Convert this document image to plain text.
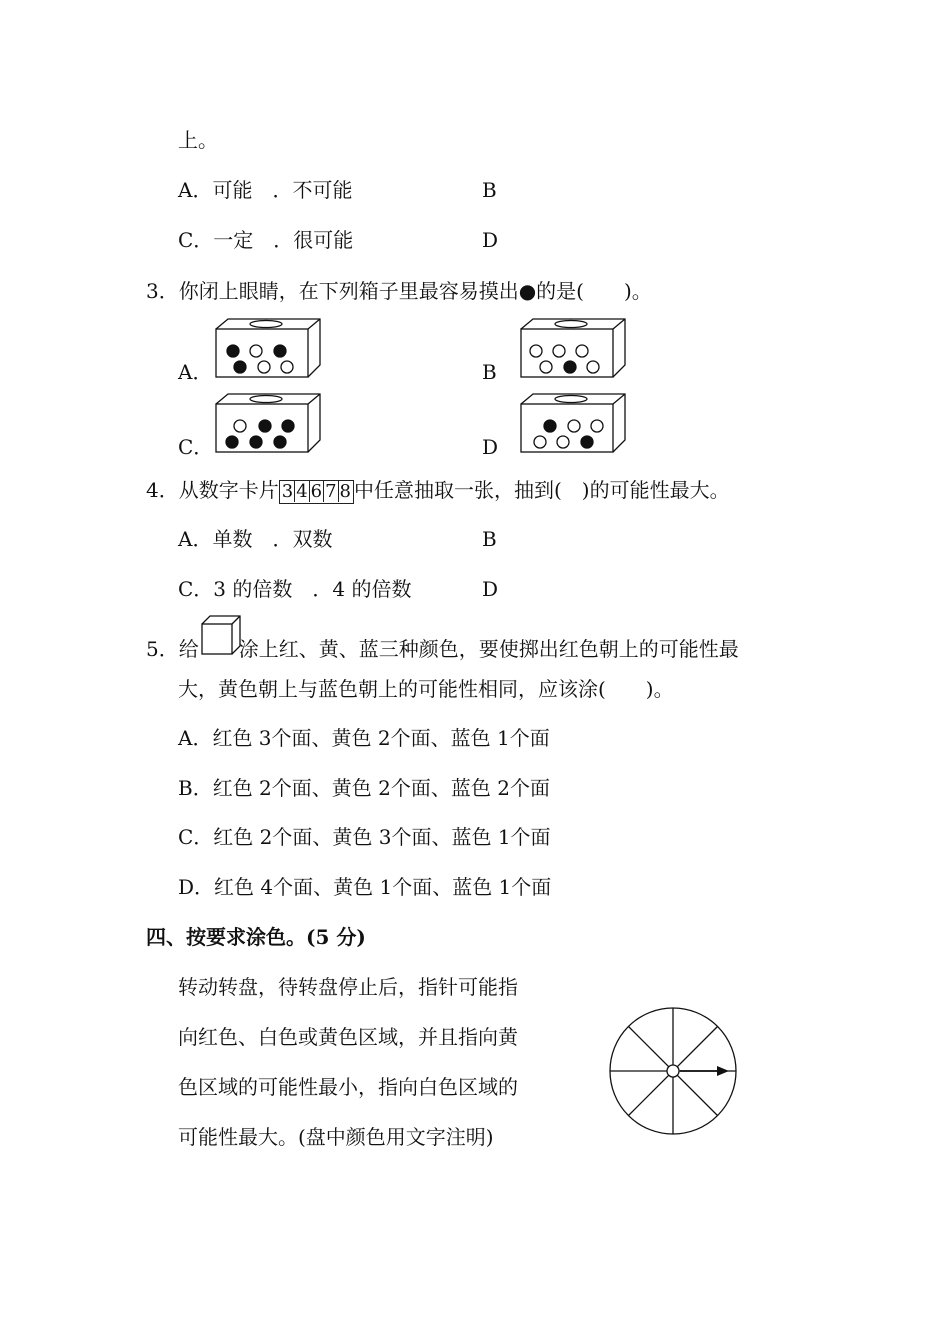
上。
A．可能　．不可能	B
C．一定　．很可能	D
3．你闭上眼睛，在下列箱子里最容易摸出●的是(　　)。
A．	B
C．	D
4．从数字卡片 3 4 6 7 8 中任意抽取一张，抽到(　)的可能性最大。
A．单数　．双数	B
C．3 的倍数　．4 的倍数	D
5．给 涂上红、黄、蓝三种颜色，要使掷出红色朝上的可能性最
大，黄色朝上与蓝色朝上的可能性相同，应该涂(　　)。
A．红色 3个面、黄色 2个面、蓝色 1个面
B．红色 2个面、黄色 2个面、蓝色 2个面
C．红色 2个面、黄色 3个面、蓝色 1个面
D．红色 4个面、黄色 1个面、蓝色 1个面
四、按要求涂色。(5 分)
转动转盘，待转盘停止后，指针可能指
向红色、白色或黄色区域，并且指向黄
色区域的可能性最小，指向白色区域的
可能性最大。(盘中颜色用文字注明)
